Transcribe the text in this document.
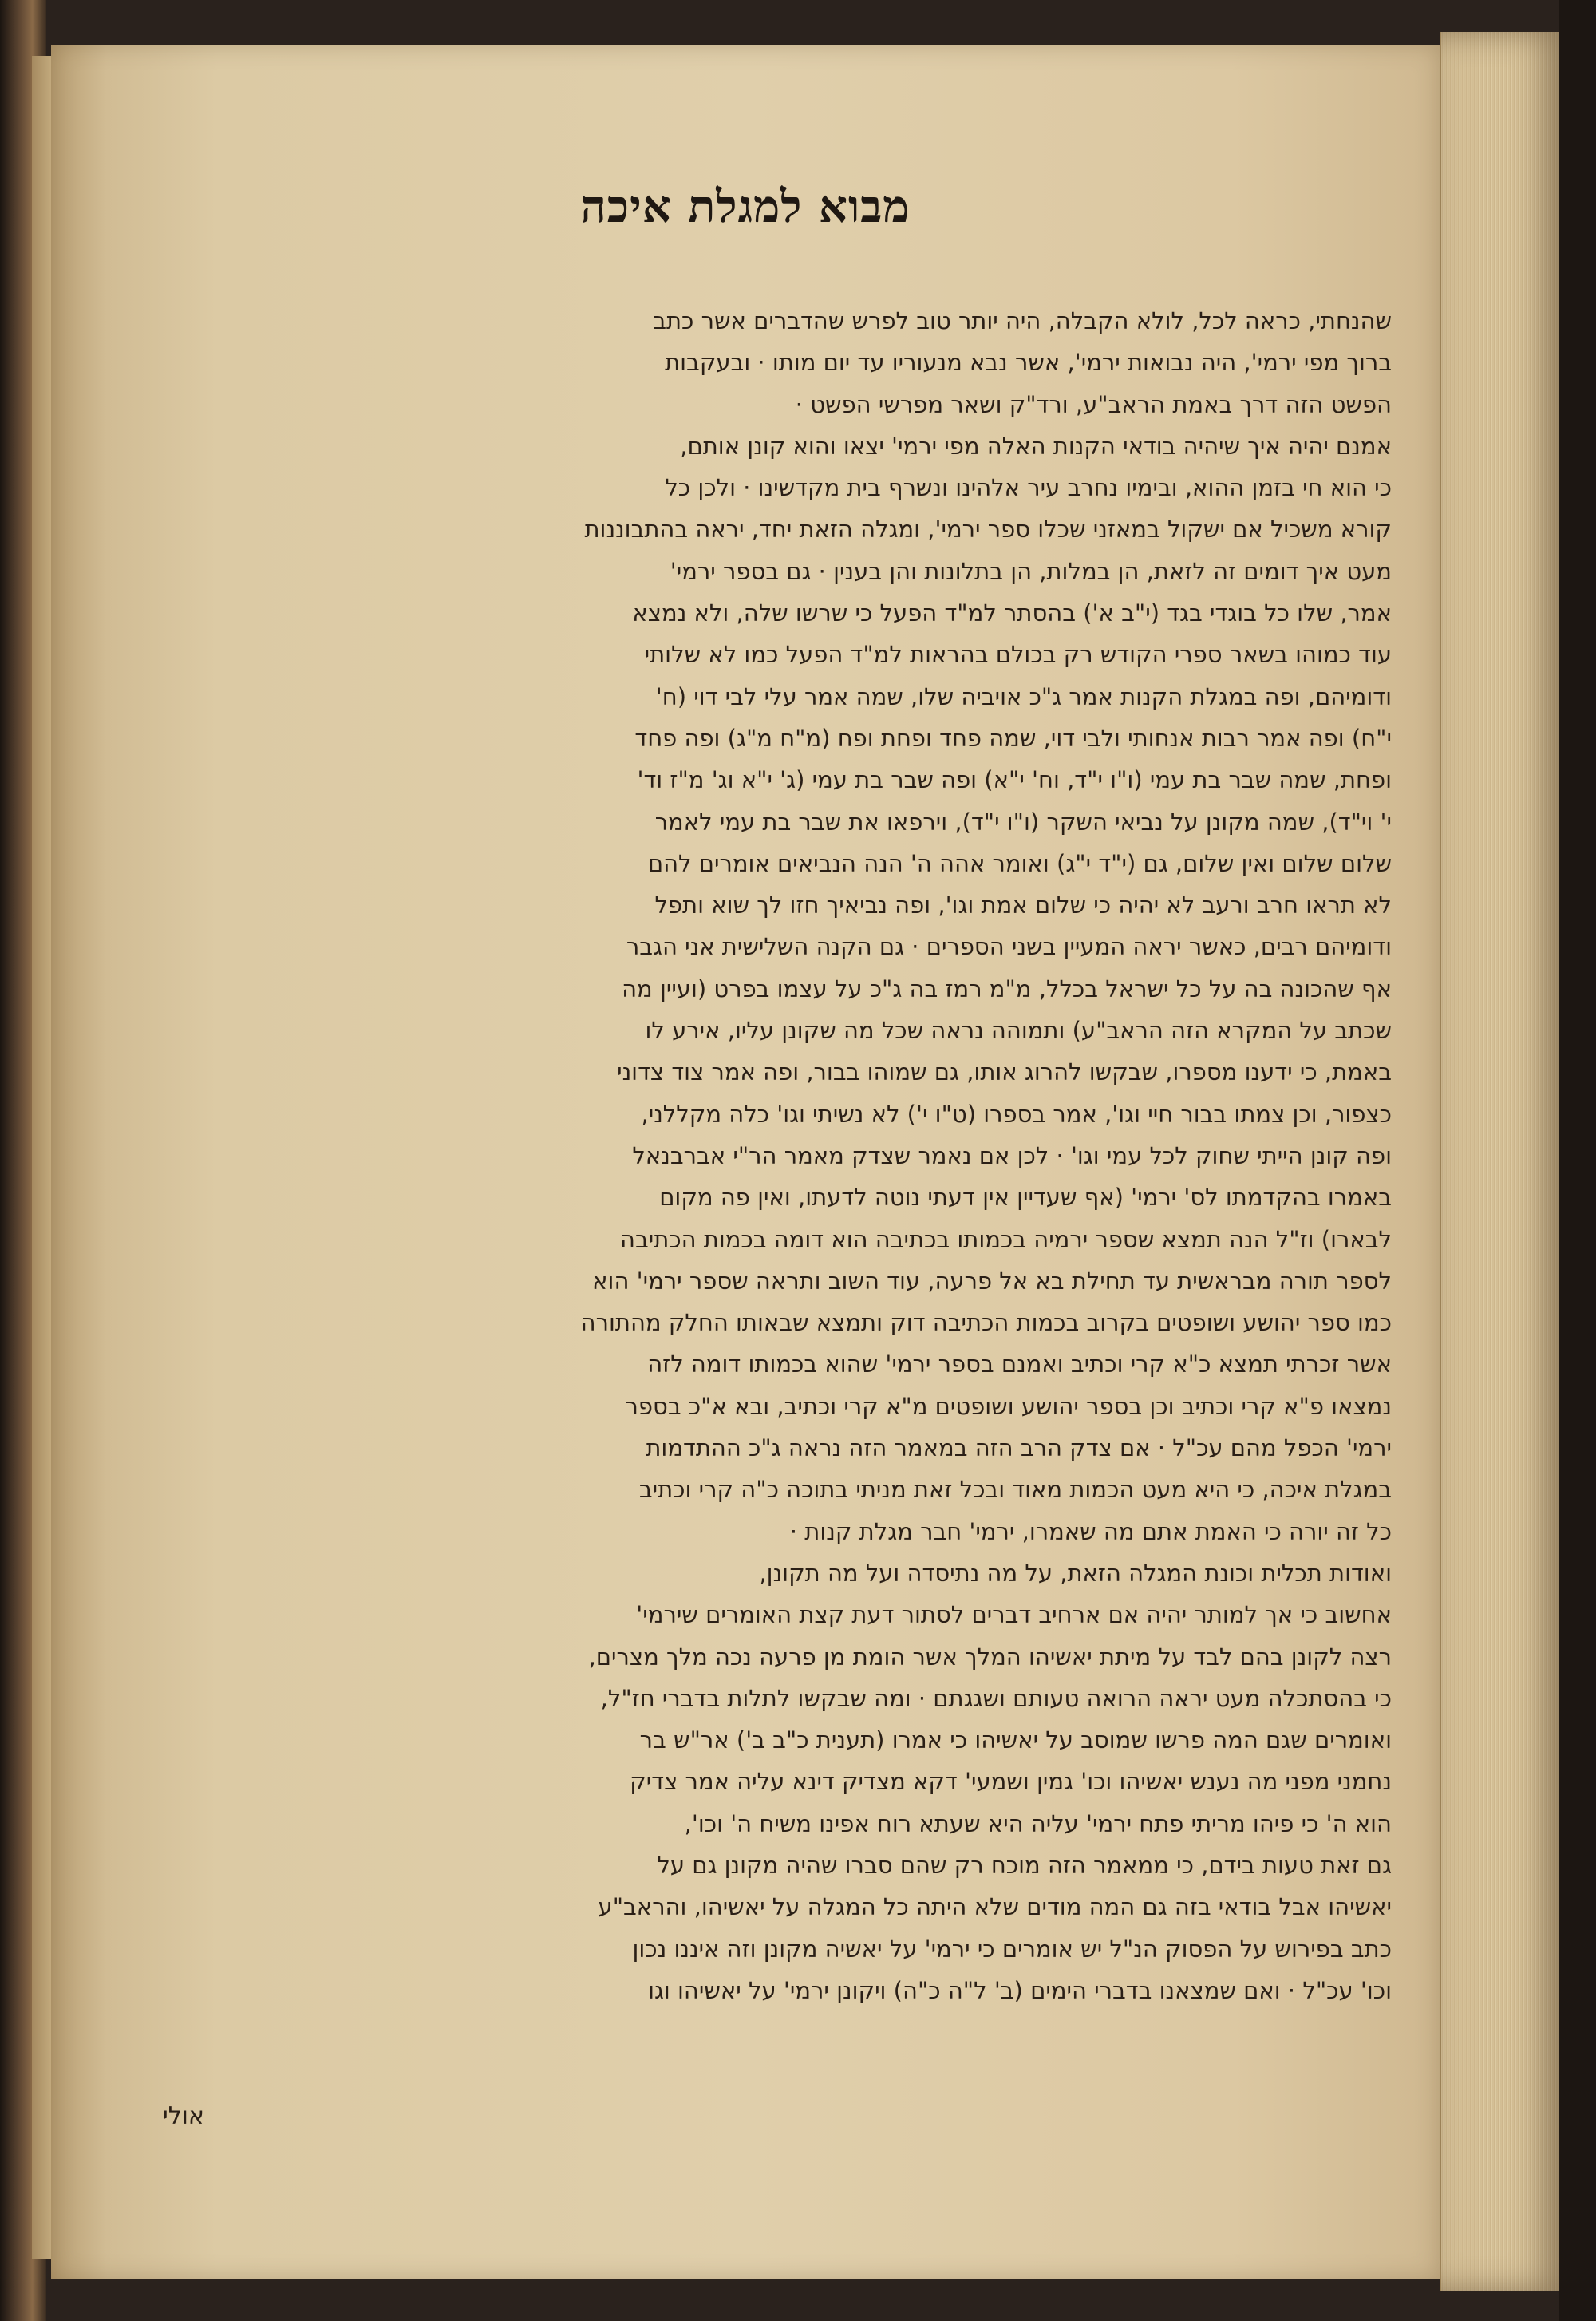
מבוא למגלת איכה

שהנחתי, כראה לכל, לולא הקבלה, היה יותר טוב לפרש שהדברים אשר כתב

ברוך מפי ירמי', היה נבואות ירמי', אשר נבא מנעוריו עד יום מותו ⋅ ובעקבות

הפשט הזה דרך באמת הראב"ע, ורד"ק ושאר מפרשי הפשט ⋅

אמנם יהיה איך שיהיה בודאי הקנות האלה מפי ירמי' יצאו והוא קונן אותם,

כי הוא חי בזמן ההוא, ובימיו נחרב עיר אלהינו ונשרף בית מקדשינו ⋅ ולכן כל

קורא משכיל אם ישקול במאזני שכלו ספר ירמי', ומגלה הזאת יחד, יראה בהתבוננות

מעט איך דומים זה לזאת, הן במלות, הן בתלונות והן בענין ⋅ גם בספר ירמי'

אמר, שלו כל בוגדי בגד (י"ב א') בהסתר למ"ד הפעל כי שרשו שלה, ולא נמצא

עוד כמוהו בשאר ספרי הקודש רק בכולם בהראות למ"ד הפעל כמו לא שלותי

ודומיהם, ופה במגלת הקנות אמר ג"כ אויביה שלו, שמה אמר עלי לבי דוי (ח'

י"ח) ופה אמר רבות אנחותי ולבי דוי, שמה פחד ופחת ופח (מ"ח מ"ג) ופה פחד

ופחת, שמה שבר בת עמי (ו"ו י"ד, וח' י"א) ופה שבר בת עמי (ג' י"א וג' מ"ז וד'

י' וי"ד), שמה מקונן על נביאי השקר (ו"ו י"ד), וירפאו את שבר בת עמי לאמר

שלום שלום ואין שלום, גם (י"ד י"ג) ואומר אהה ה' הנה הנביאים אומרים להם

לא תראו חרב ורעב לא יהיה כי שלום אמת וגו', ופה נביאיך חזו לך שוא ותפל

ודומיהם רבים, כאשר יראה המעיין בשני הספרים ⋅ גם הקנה השלישית אני הגבר

אף שהכונה בה על כל ישראל בכלל, מ"מ רמז בה ג"כ על עצמו בפרט (ועיין מה

שכתב על המקרא הזה הראב"ע) ותמוהה נראה שכל מה שקונן עליו, אירע לו

באמת, כי ידענו מספרו, שבקשו להרוג אותו, גם שמוהו בבור, ופה אמר צוד צדוני

כצפור, וכן צמתו בבור חיי וגו', אמר בספרו (ט"ו י') לא נשיתי וגו' כלה מקללני,

ופה קונן הייתי שחוק לכל עמי וגו' ⋅ לכן אם נאמר שצדק מאמר הר"י אברבנאל

באמרו בהקדמתו לס' ירמי' (אף שעדיין אין דעתי נוטה לדעתו, ואין פה מקום

לבארו) וז"ל הנה תמצא שספר ירמיה בכמותו בכתיבה הוא דומה בכמות הכתיבה

לספר תורה מבראשית עד תחילת בא אל פרעה, עוד השוב ותראה שספר ירמי' הוא

כמו ספר יהושע ושופטים בקרוב בכמות הכתיבה דוק ותמצא שבאותו החלק מהתורה

אשר זכרתי תמצא כ"א קרי וכתיב ואמנם בספר ירמי' שהוא בכמותו דומה לזה

נמצאו פ"א קרי וכתיב וכן בספר יהושע ושופטים מ"א קרי וכתיב, ובא א"כ בספר

ירמי' הכפל מהם עכ"ל ⋅ אם צדק הרב הזה במאמר הזה נראה ג"כ ההתדמות

במגלת איכה, כי היא מעט הכמות מאוד ובכל זאת מניתי בתוכה כ"ה קרי וכתיב

כל זה יורה כי האמת אתם מה שאמרו, ירמי' חבר מגלת קנות ⋅

ואודות תכלית וכונת המגלה הזאת, על מה נתיסדה ועל מה תקונן,

אחשוב כי אך למותר יהיה אם ארחיב דברים לסתור דעת קצת האומרים שירמי'

רצה לקונן בהם לבד על מיתת יאשיהו המלך אשר הומת מן פרעה נכה מלך מצרים,

כי בהסתכלה מעט יראה הרואה טעותם ושגגתם ⋅ ומה שבקשו לתלות בדברי חז"ל,

ואומרים שגם המה פרשו שמוסב על יאשיהו כי אמרו (תענית כ"ב ב') אר"ש בר

נחמני מפני מה נענש יאשיהו וכו' גמין ושמעי' דקא מצדיק דינא עליה אמר צדיק

הוא ה' כי פיהו מריתי פתח ירמי' עליה היא שעתא רוח אפינו משיח ה' וכו',

גם זאת טעות בידם, כי ממאמר הזה מוכח רק שהם סברו שהיה מקונן גם על

יאשיהו אבל בודאי בזה גם המה מודים שלא היתה כל המגלה על יאשיהו, והראב"ע

כתב בפירוש על הפסוק הנ"ל יש אומרים כי ירמי' על יאשיה מקונן וזה איננו נכון

וכו' עכ"ל ⋅ ואם שמצאנו בדברי הימים (ב' ל"ה כ"ה) ויקונן ירמי' על יאשיהו וגו

אולי
